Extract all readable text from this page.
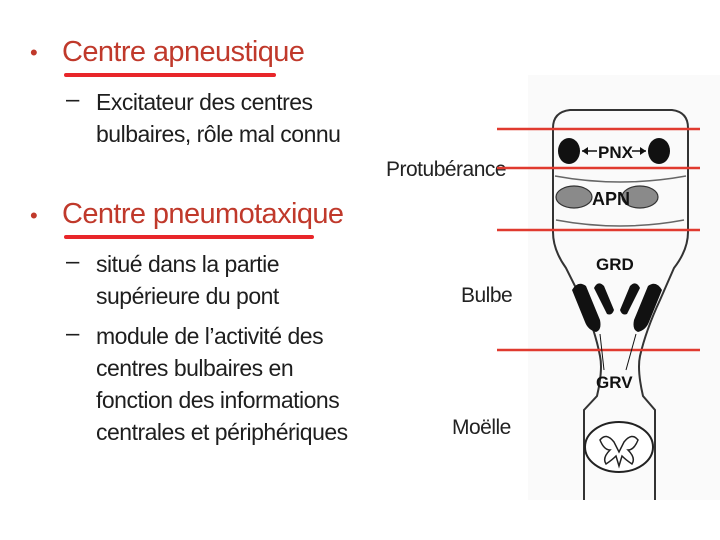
• Centre apneustique
– Excitateur des centres
bulbaires, rôle mal connu
• Centre pneumotaxique
– situé dans la partie
supérieure du pont
– module de l’activité des
centres bulbaires en
fonction des informations
centrales et périphériques
Protubérance
Bulbe
Moëlle
PNX
APN
GRD
GRV
